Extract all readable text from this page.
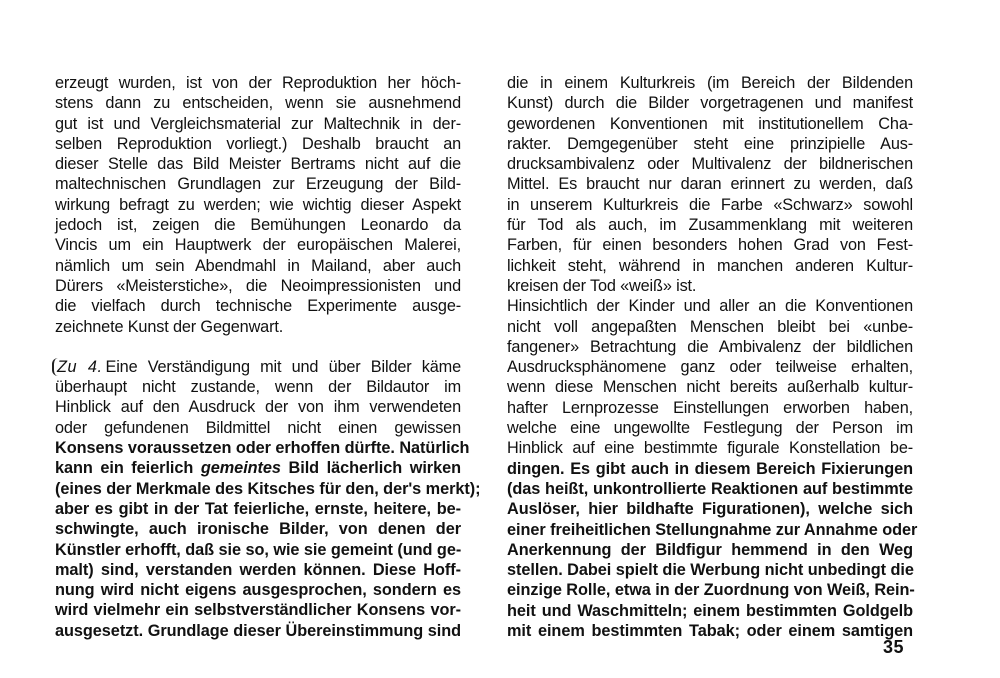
erzeugt wurden, ist von der Reproduktion her höch-
stens dann zu entscheiden, wenn sie ausnehmend
gut ist und Vergleichsmaterial zur Maltechnik in der-
selben Reproduktion vorliegt.) Deshalb braucht an
dieser Stelle das Bild Meister Bertrams nicht auf die
maltechnischen Grundlagen zur Erzeugung der Bild-
wirkung befragt zu werden; wie wichtig dieser Aspekt
jedoch ist, zeigen die Bemühungen Leonardo da
Vincis um ein Hauptwerk der europäischen Malerei,
nämlich um sein Abendmahl in Mailand, aber auch
Dürers «Meisterstiche», die Neoimpressionisten und
die vielfach durch technische Experimente ausge-
zeichnete Kunst der Gegenwart.
Zu 4. Eine Verständigung mit und über Bilder käme
überhaupt nicht zustande, wenn der Bildautor im
Hinblick auf den Ausdruck der von ihm verwendeten
oder gefundenen Bildmittel nicht einen gewissen
Konsens voraussetzen oder erhoffen dürfte. Natürlich
kann ein feierlich gemeintes Bild lächerlich wirken
(eines der Merkmale des Kitsches für den, der's merkt);
aber es gibt in der Tat feierliche, ernste, heitere, be-
schwingte, auch ironische Bilder, von denen der
Künstler erhofft, daß sie so, wie sie gemeint (und ge-
malt) sind, verstanden werden können. Diese Hoff-
nung wird nicht eigens ausgesprochen, sondern es
wird vielmehr ein selbstverständlicher Konsens vor-
ausgesetzt. Grundlage dieser Übereinstimmung sind
die in einem Kulturkreis (im Bereich der Bildenden
Kunst) durch die Bilder vorgetragenen und manifest
gewordenen Konventionen mit institutionellem Cha-
rakter. Demgegenüber steht eine prinzipielle Aus-
drucksambivalenz oder Multivalenz der bildnerischen
Mittel. Es braucht nur daran erinnert zu werden, daß
in unserem Kulturkreis die Farbe «Schwarz» sowohl
für Tod als auch, im Zusammenklang mit weiteren
Farben, für einen besonders hohen Grad von Fest-
lichkeit steht, während in manchen anderen Kultur-
kreisen der Tod «weiß» ist.
Hinsichtlich der Kinder und aller an die Konventionen
nicht voll angepaßten Menschen bleibt bei «unbe-
fangener» Betrachtung die Ambivalenz der bildlichen
Ausdrucksphänomene ganz oder teilweise erhalten,
wenn diese Menschen nicht bereits außerhalb kultur-
hafter Lernprozesse Einstellungen erworben haben,
welche eine ungewollte Festlegung der Person im
Hinblick auf eine bestimmte figurale Konstellation be-
dingen. Es gibt auch in diesem Bereich Fixierungen
(das heißt, unkontrollierte Reaktionen auf bestimmte
Auslöser, hier bildhafte Figurationen), welche sich
einer freiheitlichen Stellungnahme zur Annahme oder
Anerkennung der Bildfigur hemmend in den Weg
stellen. Dabei spielt die Werbung nicht unbedingt die
einzige Rolle, etwa in der Zuordnung von Weiß, Rein-
heit und Waschmitteln; einem bestimmten Goldgelb
mit einem bestimmten Tabak; oder einem samtigen
35
